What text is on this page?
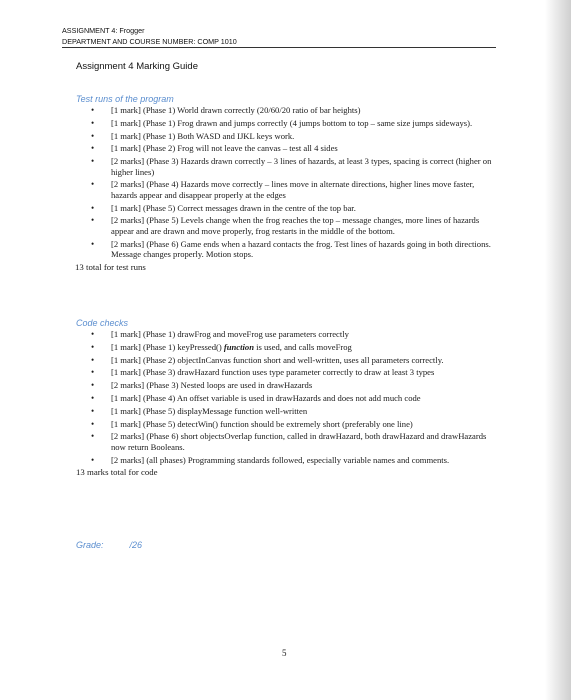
ASSIGNMENT 4: Frogger
DEPARTMENT AND COURSE NUMBER: COMP 1010
Assignment 4 Marking Guide
Test runs of the program
• [1 mark] (Phase 1) World drawn correctly (20/60/20 ratio of bar heights)
• [1 mark] (Phase 1) Frog drawn and jumps correctly (4 jumps bottom to top – same size jumps sideways).
• [1 mark] (Phase 1) Both WASD and IJKL keys work.
• [1 mark] (Phase 2) Frog will not leave the canvas – test all 4 sides
• [2 marks] (Phase 3) Hazards drawn correctly – 3 lines of hazards, at least 3 types, spacing is correct (higher on higher lines)
• [2 marks] (Phase 4) Hazards move correctly – lines move in alternate directions, higher lines move faster, hazards appear and disappear properly at the edges
• [1 mark] (Phase 5) Correct messages drawn in the centre of the top bar.
• [2 marks] (Phase 5) Levels change when the frog reaches the top – message changes, more lines of hazards appear and are drawn and move properly, frog restarts in the middle of the bottom.
• [2 marks] (Phase 6) Game ends when a hazard contacts the frog. Test lines of hazards going in both directions. Message changes properly. Motion stops.
13 total for test runs
Code checks
• [1 mark] (Phase 1) drawFrog and moveFrog use parameters correctly
• [1 mark] (Phase 1) keyPressed() function is used, and calls moveFrog
• [1 mark] (Phase 2) objectInCanvas function short and well-written, uses all parameters correctly.
• [1 mark] (Phase 3) drawHazard function uses type parameter correctly to draw at least 3 types
• [2 marks] (Phase 3) Nested loops are used in drawHazards
• [1 mark] (Phase 4) An offset variable is used in drawHazards and does not add much code
• [1 mark] (Phase 5) displayMessage function well-written
• [1 mark] (Phase 5) detectWin() function should be extremely short (preferably one line)
• [2 marks] (Phase 6) short objectsOverlap function, called in drawHazard, both drawHazard and drawHazards now return Booleans.
• [2 marks] (all phases) Programming standards followed, especially variable names and comments.
13 marks total for code
Grade:	/26
5
